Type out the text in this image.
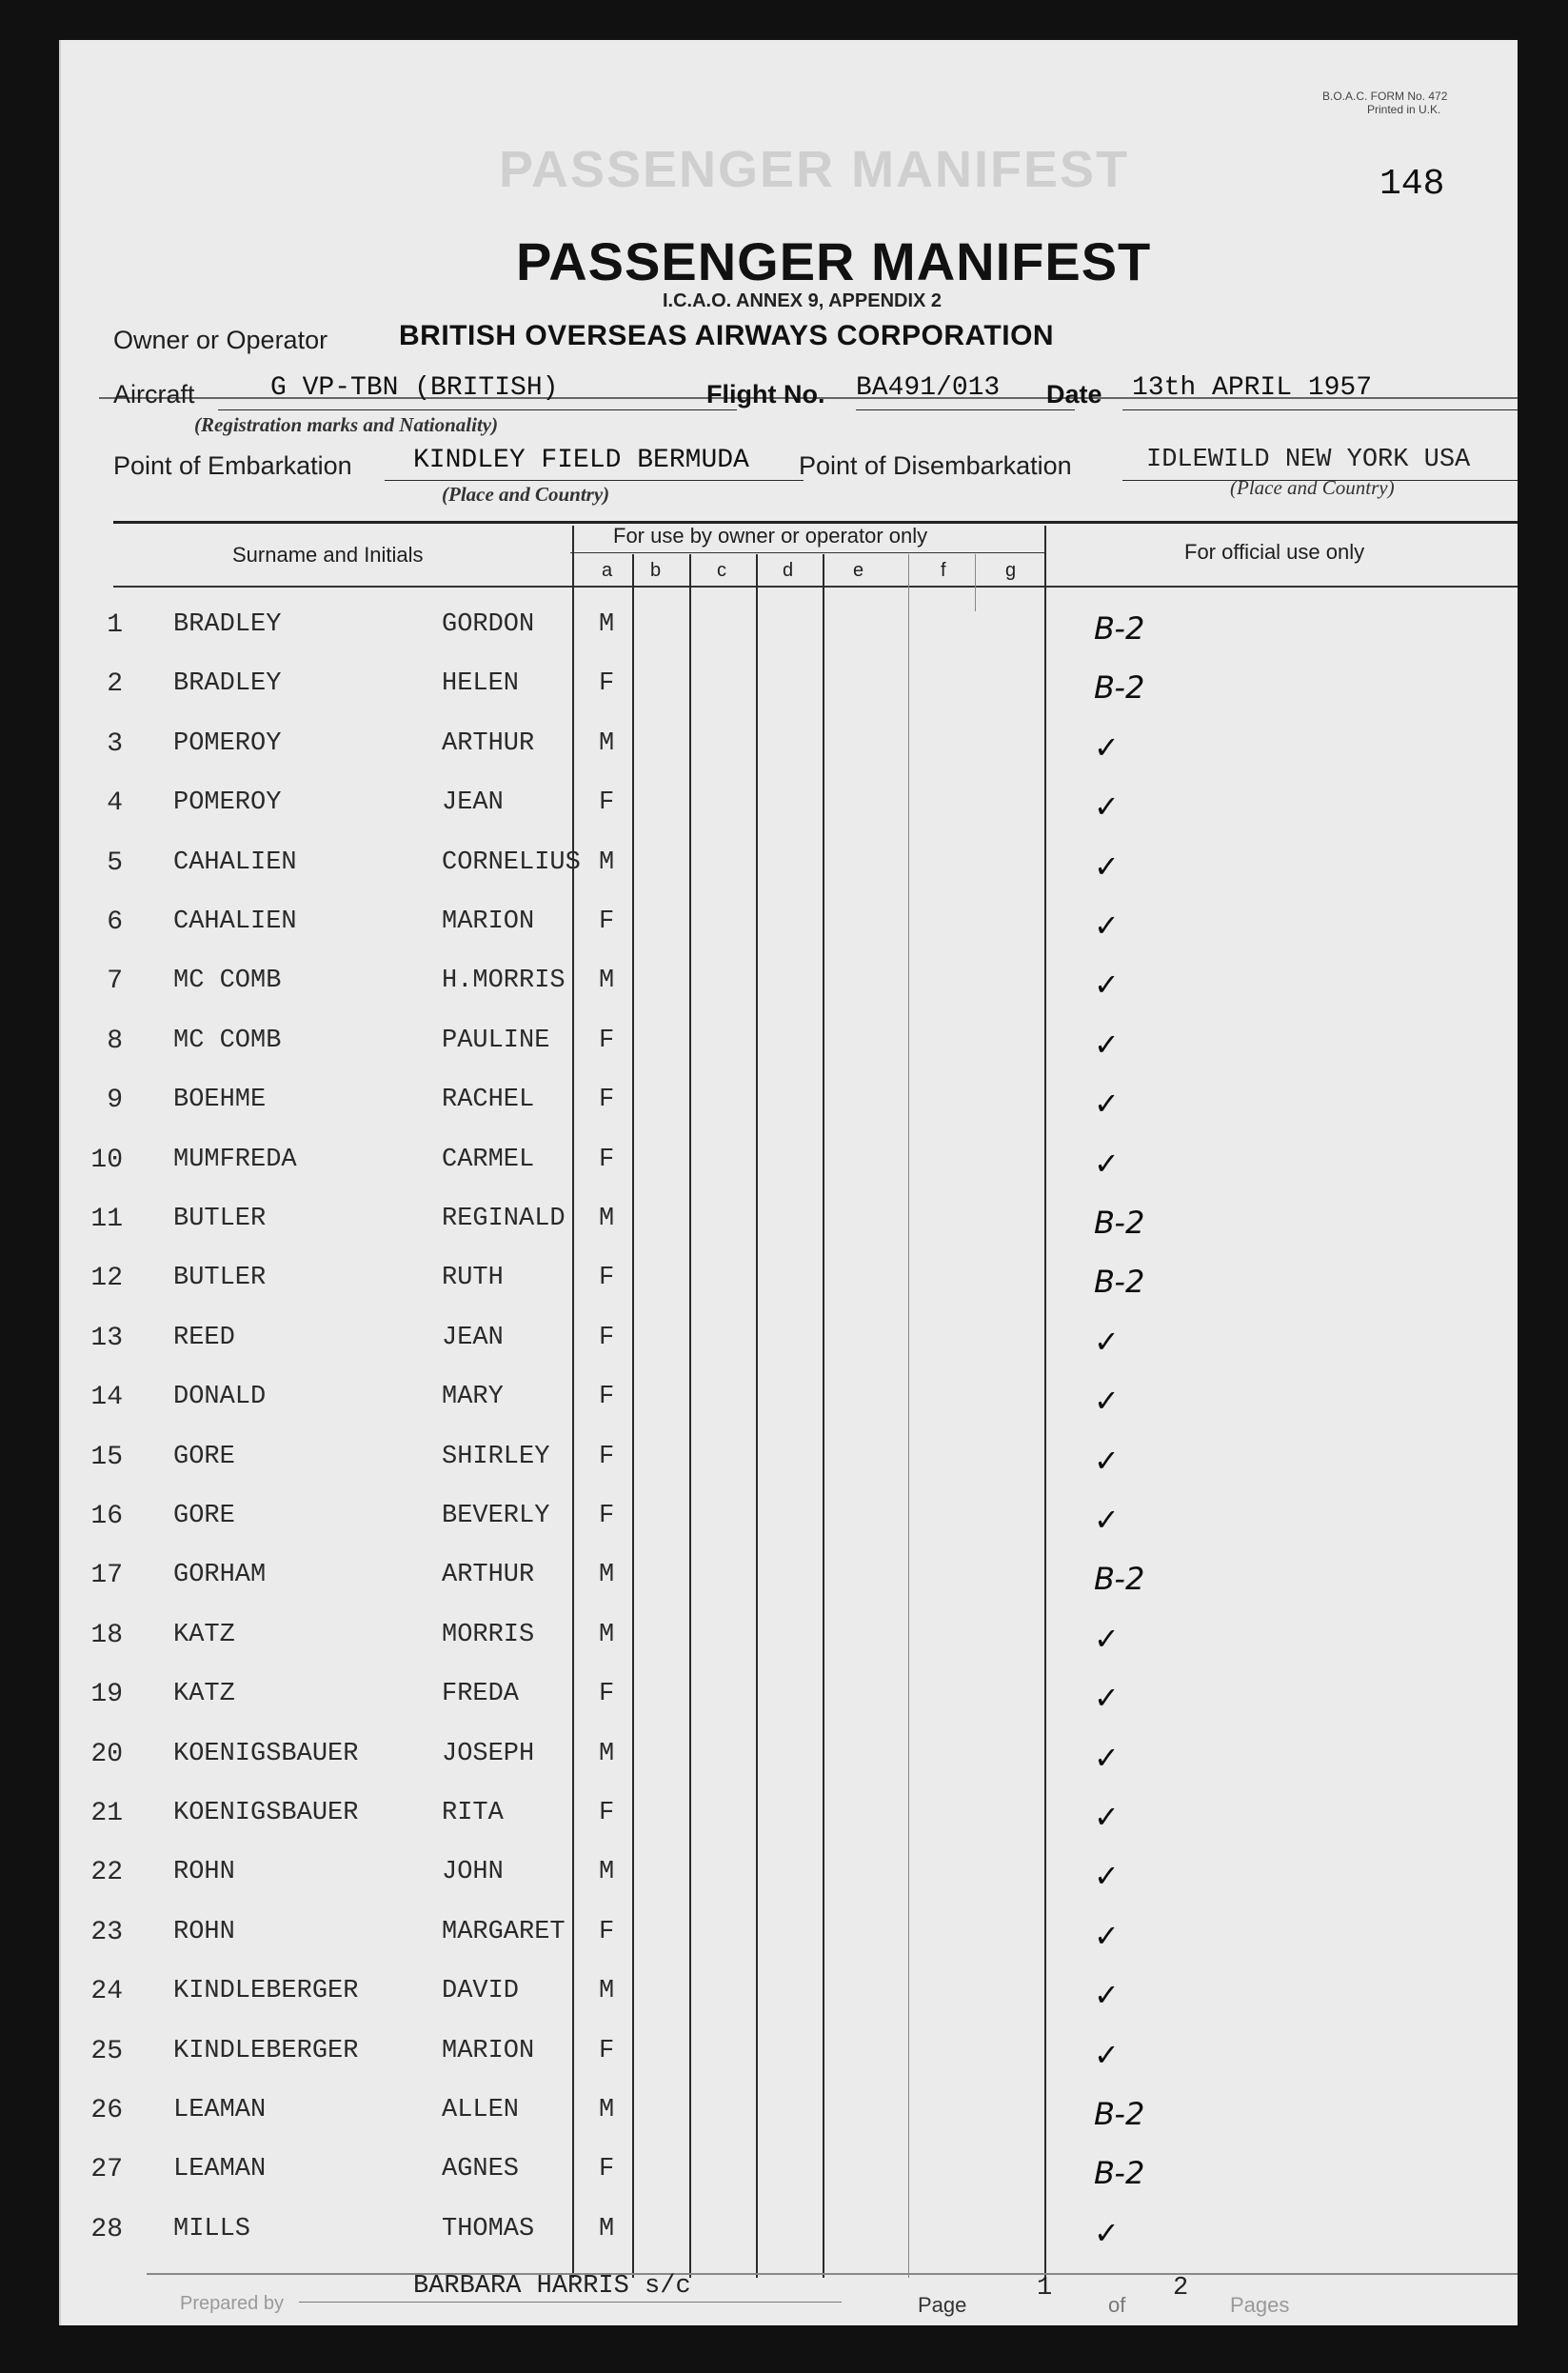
PASSENGER MANIFEST
B.O.A.C. FORM No. 472
Printed in U.K.
148
PASSENGER MANIFEST
I.C.A.O. ANNEX 9, APPENDIX 2
Owner or Operator BRITISH OVERSEAS AIRWAYS CORPORATION
Aircraft	G VP-TBN (BRITISH)
(Registration marks and Nationality)
Flight No. BA491/013 Date 13th APRIL 1957
Point of Embarkation KINDLEY FIELD BERMUDA
(Place and Country)
Point of Disembarkation	IDLEWILD NEW YORK USA
(Place and Country)
Surname and Initials
For use by owner or operator only
For official use only
a b	c	d	e	f	g
1 BRADLEY	GORDON	M	B-2
2 BRADLEY	HELEN	F	B-2
3 POMEROY	ARTHUR	M	✓
4 POMEROY	JEAN	F	✓
5 CAHALIEN	CORNELIUS M	✓
6 CAHALIEN	MARION	F	✓
7 MC COMB	H.MORRIS	M	✓
8 MC COMB	PAULINE	F	✓
9 BOEHME	RACHEL	F	✓
10 MUMFREDA	CARMEL	F	✓
11 BUTLER	REGINALD	M	B-2
12 BUTLER	RUTH	F	B-2
13 REED	JEAN	F	✓
14 DONALD	MARY	F	✓
15 GORE	SHIRLEY	F	✓
16 GORE	BEVERLY	F	✓
17 GORHAM	ARTHUR	M	B-2
18 KATZ	MORRIS	M	✓
19 KATZ	FREDA	F	✓
20 KOENIGSBAUER	JOSEPH	M	✓
21 KOENIGSBAUER	RITA	F	✓
22 ROHN	JOHN	M	✓
23 ROHN	MARGARET	F	✓
24 KINDLEBERGER	DAVID	M	✓
25 KINDLEBERGER	MARION	F	✓
26 LEAMAN	ALLEN	M	B-2
27 LEAMAN	AGNES	F	B-2
28 MILLS	THOMAS	M	✓
Prepared by
BARBARA HARRIS s/c
Page
1
of
2
Pages
